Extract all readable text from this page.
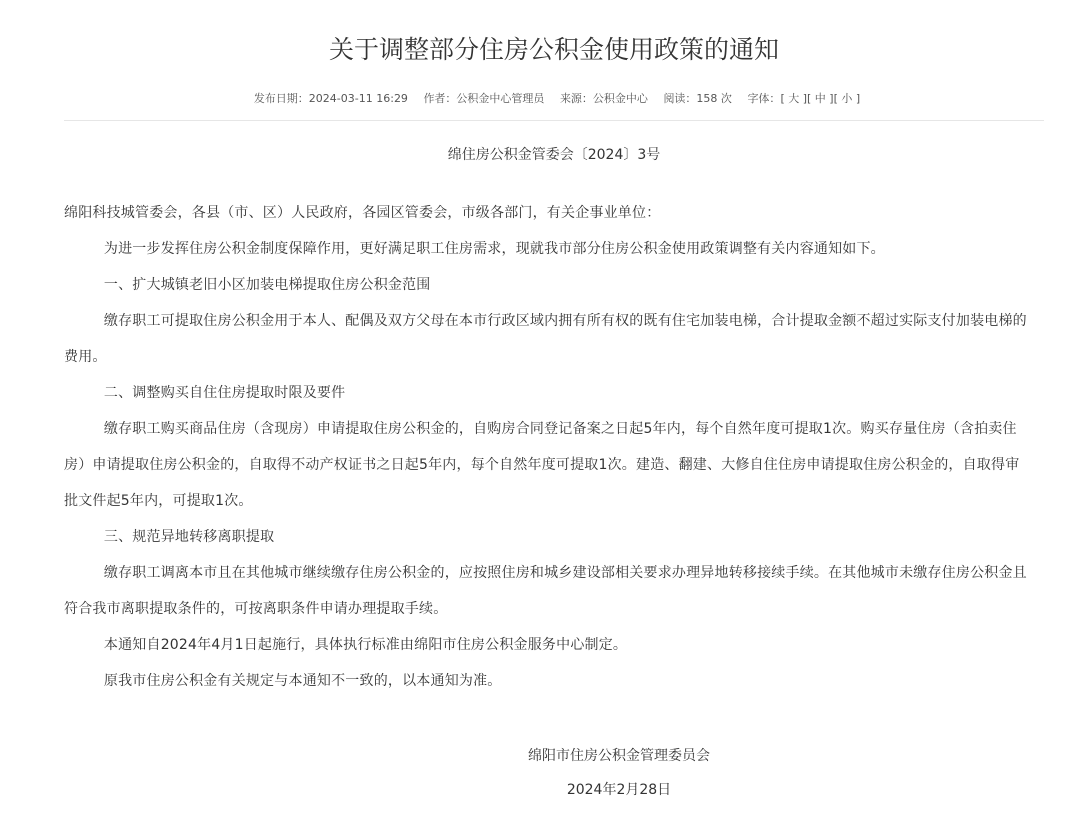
关于调整部分住房公积金使用政策的通知
发布日期：2024-03-11 16:29 作者：公积金中心管理员 来源：公积金中心 阅读：158 次 字体：[ 大 ][ 中 ][ 小 ]
绵住房公积金管委会〔2024〕3号

绵阳科技城管委会，各县（市、区）人民政府，各园区管委会，市级各部门，有关企事业单位：

为进一步发挥住房公积金制度保障作用，更好满足职工住房需求，现就我市部分住房公积金使用政策调整有关内容通知如下。

一、扩大城镇老旧小区加装电梯提取住房公积金范围

缴存职工可提取住房公积金用于本人、配偶及双方父母在本市行政区域内拥有所有权的既有住宅加装电梯，合计提取金额不超过实际支付加装电梯的费用。

二、调整购买自住住房提取时限及要件

缴存职工购买商品住房（含现房）申请提取住房公积金的，自购房合同登记备案之日起5年内，每个自然年度可提取1次。购买存量住房（含拍卖住房）申请提取住房公积金的，自取得不动产权证书之日起5年内，每个自然年度可提取1次。建造、翻建、大修自住住房申请提取住房公积金的，自取得审批文件起5年内，可提取1次。

三、规范异地转移离职提取

缴存职工调离本市且在其他城市继续缴存住房公积金的，应按照住房和城乡建设部相关要求办理异地转移接续手续。在其他城市未缴存住房公积金且符合我市离职提取条件的，可按离职条件申请办理提取手续。

本通知自2024年4月1日起施行，具体执行标准由绵阳市住房公积金服务中心制定。

原我市住房公积金有关规定与本通知不一致的，以本通知为准。

绵阳市住房公积金管理委员会
2024年2月28日
